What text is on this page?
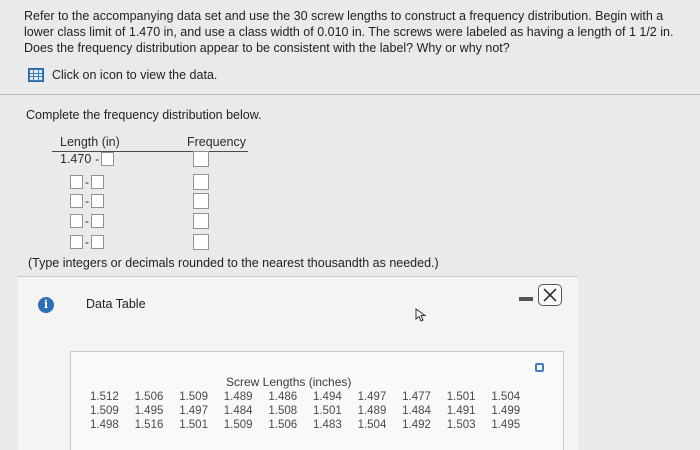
Refer to the accompanying data set and use the 30 screw lengths to construct a frequency distribution. Begin with a lower class limit of 1.470 in, and use a class width of 0.010 in. The screws were labeled as having a length of 1 1/2 in. Does the frequency distribution appear to be consistent with the label? Why or why not?

Click on icon to view the data.
Complete the frequency distribution below.
Length (in)	Frequency
1.470 -
-
-
-
-
(Type integers or decimals rounded to the nearest thousandth as needed.)
i	Data Table
Screw Lengths (inches)
1.512	1.506	1.509	1.489	1.486	1.494	1.497	1.477	1.501	1.504
1.509	1.495	1.497	1.484	1.508	1.501	1.489	1.484	1.491	1.499
1.498	1.516	1.501	1.509	1.506	1.483	1.504	1.492	1.503	1.495
